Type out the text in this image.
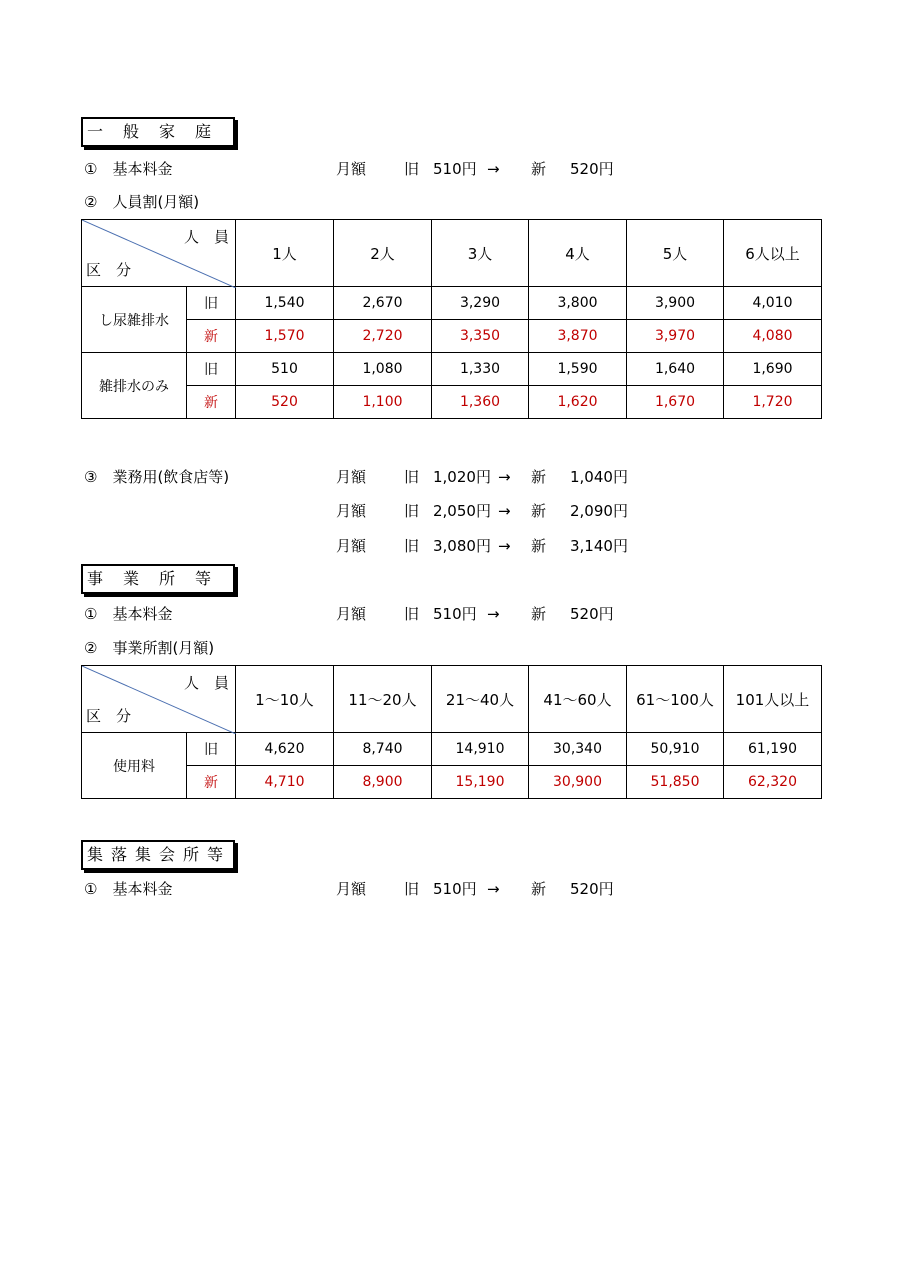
一 般 家 庭
①　基本料金	月額	旧 510円 → 新 520円
②　人員割(月額)
人　員
区　分		1人	2人	3人	4人	5人	6人以上
し尿雑排水	旧	1,540	2,670	3,290	3,800	3,900	4,010
	新	1,570	2,720	3,350	3,870	3,970	4,080
雑排水のみ	旧	510	1,080	1,330	1,590	1,640	1,690
	新	520	1,100	1,360	1,620	1,670	1,720
③　業務用(飲食店等)	月額	旧 1,020円 → 新 1,040円
月額	旧 2,050円 → 新 2,090円
月額	旧 3,080円 → 新 3,140円
事 業 所 等
①　基本料金	月額	旧 510円 → 新 520円
②　事業所割(月額)
人　員
区　分		1～10人	11～20人	21～40人	41～60人	61～100人	101人以上
使用料	旧	4,620	8,740	14,910	30,340	50,910	61,190
	新	4,710	8,900	15,190	30,900	51,850	62,320
集 落 集 会 所 等
①　基本料金	月額	旧 510円 → 新 520円
